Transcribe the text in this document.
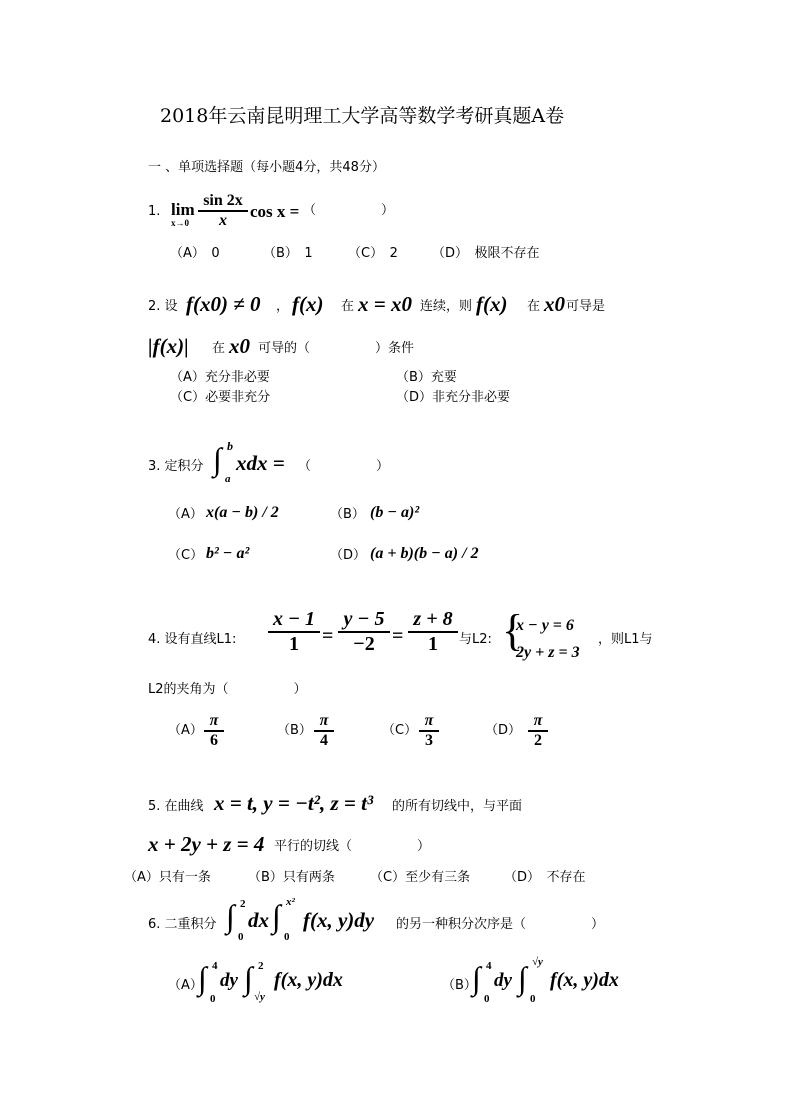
2018年云南昆明理工大学高等数学考研真题A卷
一 、单项选择题（每小题4分，共48分）
1. lim
x→0
sin 2x
x	cos x = （　　　　　）
（A）　0	（B）　1	（C）　2	（D）　极限不存在
2. 设 f(x0) ≠ 0 ， f(x) 在 x = x0 连续，则 f(x) 在 x0 可导是
|f(x)| 在 x0 可导的（　　　　　）条件
（A）充分非必要	（B）充要
（C）必要非充分	（D）非充分非必要
3. 定积分 ∫ b
a
xdx = （　　　　　）
（A） x(a − b) / 2	（B） (b − a)²
（C） b² − a²	（D） (a + b)(b − a) / 2
4. 设有直线L1:
x − 1
1	=
y − 5
−2 =
z + 8
1	与L2: {
x − y = 6
2y + z = 3
，则L1与
L2的夹角为（　　　　　）
（A）
π
6
（B）
π
4
（C）
π
3
（D）
π
2
5. 在曲线 x = t, y = −t², z = t³ 的所有切线中，与平面
x + 2y + z = 4 平行的切线（　　　　　）
（A）只有一条	（B）只有两条	（C）至少有三条	（D）　不存在
6. 二重积分 ∫ 2
0
dx ∫ x²
0
f(x, y)dy 的另一种积分次序是（　　　　　）
（A）
∫ 4
0
dy ∫ 2
√y
f(x, y)dx	（B）
∫ 4
0
dy ∫ √y
0
f(x, y)dx
